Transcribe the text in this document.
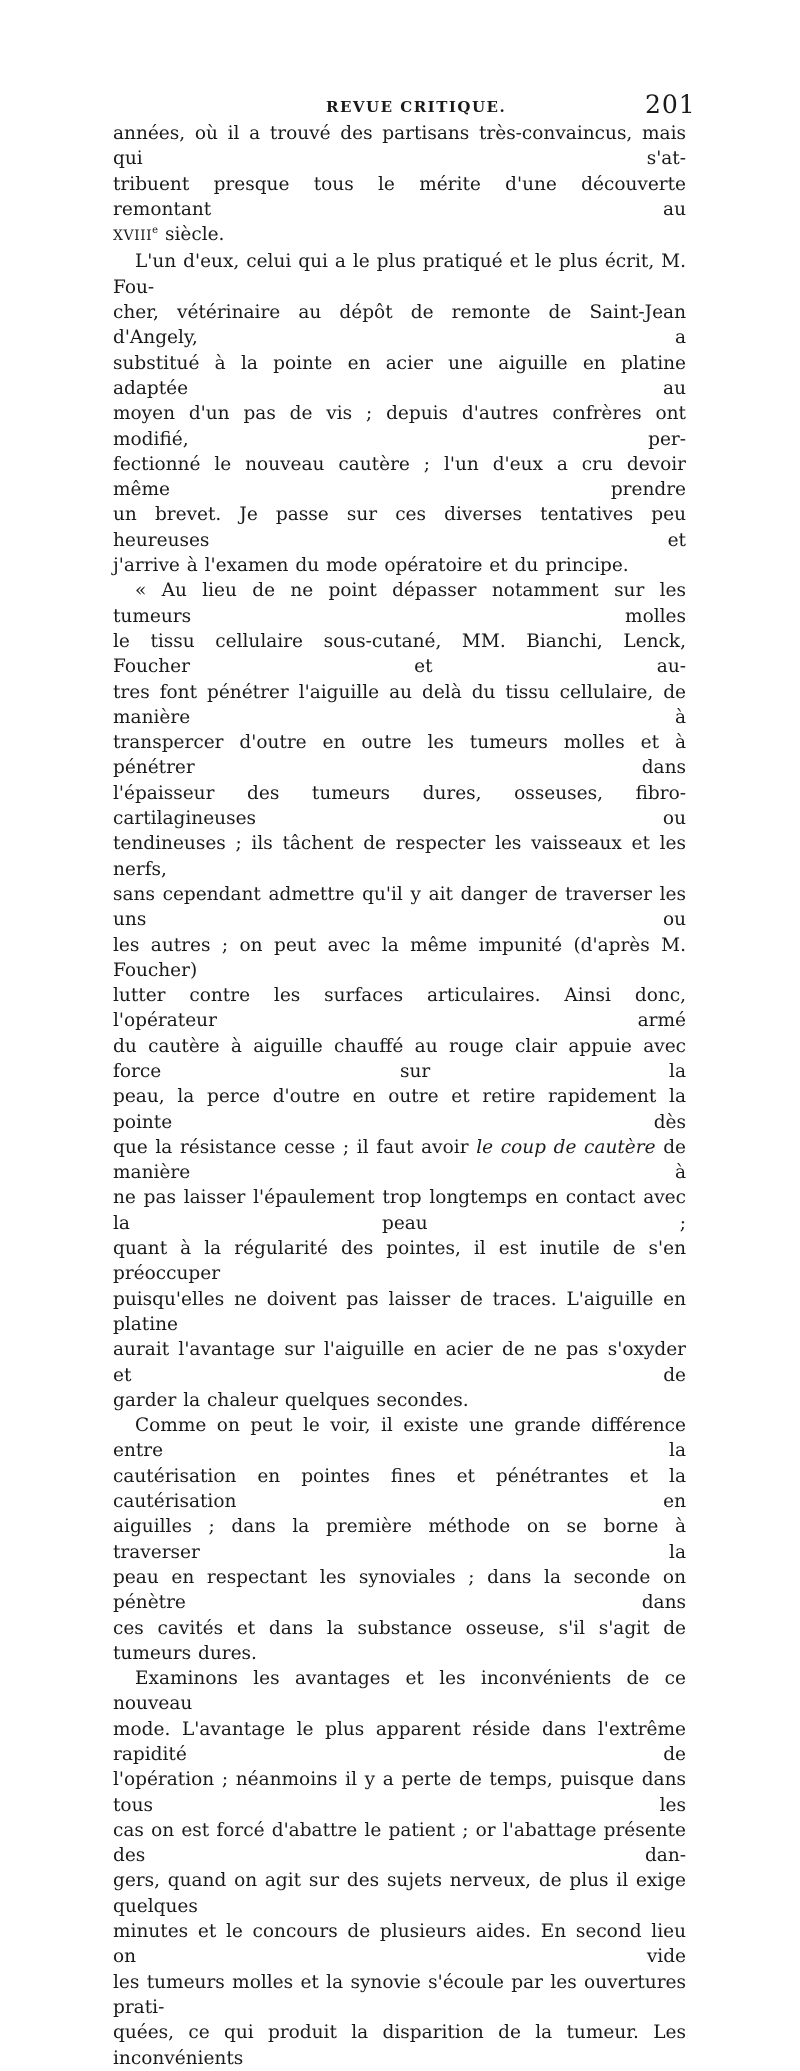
REVUE CRITIQUE.	201

années, où il a trouvé des partisans très-convaincus, mais qui s'at-

tribuent presque tous le mérite d'une découverte remontant au

XVIIIe siècle.

L'un d'eux, celui qui a le plus pratiqué et le plus écrit, M. Fou-

cher, vétérinaire au dépôt de remonte de Saint-Jean d'Angely, a

substitué à la pointe en acier une aiguille en platine adaptée au

moyen d'un pas de vis ; depuis d'autres confrères ont modifié, per-

fectionné le nouveau cautère ; l'un d'eux a cru devoir même prendre

un brevet. Je passe sur ces diverses tentatives peu heureuses et

j'arrive à l'examen du mode opératoire et du principe.

« Au lieu de ne point dépasser notamment sur les tumeurs molles

le tissu cellulaire sous-cutané, MM. Bianchi, Lenck, Foucher et au-

tres font pénétrer l'aiguille au delà du tissu cellulaire, de manière à

transpercer d'outre en outre les tumeurs molles et à pénétrer dans

l'épaisseur des tumeurs dures, osseuses, fibro-cartilagineuses ou

tendineuses ; ils tâchent de respecter les vaisseaux et les nerfs,

sans cependant admettre qu'il y ait danger de traverser les uns ou

les autres ; on peut avec la même impunité (d'après M. Foucher)

lutter contre les surfaces articulaires. Ainsi donc, l'opérateur armé

du cautère à aiguille chauffé au rouge clair appuie avec force sur la

peau, la perce d'outre en outre et retire rapidement la pointe dès

que la résistance cesse ; il faut avoir le coup de cautère de manière à

ne pas laisser l'épaulement trop longtemps en contact avec la peau ;

quant à la régularité des pointes, il est inutile de s'en préoccuper

puisqu'elles ne doivent pas laisser de traces. L'aiguille en platine

aurait l'avantage sur l'aiguille en acier de ne pas s'oxyder et de

garder la chaleur quelques secondes.

Comme on peut le voir, il existe une grande différence entre la

cautérisation en pointes fines et pénétrantes et la cautérisation en

aiguilles ; dans la première méthode on se borne à traverser la

peau en respectant les synoviales ; dans la seconde on pénètre dans

ces cavités et dans la substance osseuse, s'il s'agit de tumeurs dures.

Examinons les avantages et les inconvénients de ce nouveau

mode. L'avantage le plus apparent réside dans l'extrême rapidité de

l'opération ; néanmoins il y a perte de temps, puisque dans tous les

cas on est forcé d'abattre le patient ; or l'abattage présente des dan-

gers, quand on agit sur des sujets nerveux, de plus il exige quelques

minutes et le concours de plusieurs aides. En second lieu on vide

les tumeurs molles et la synovie s'écoule par les ouvertures prati-

quées, ce qui produit la disparition de la tumeur. Les inconvénients
